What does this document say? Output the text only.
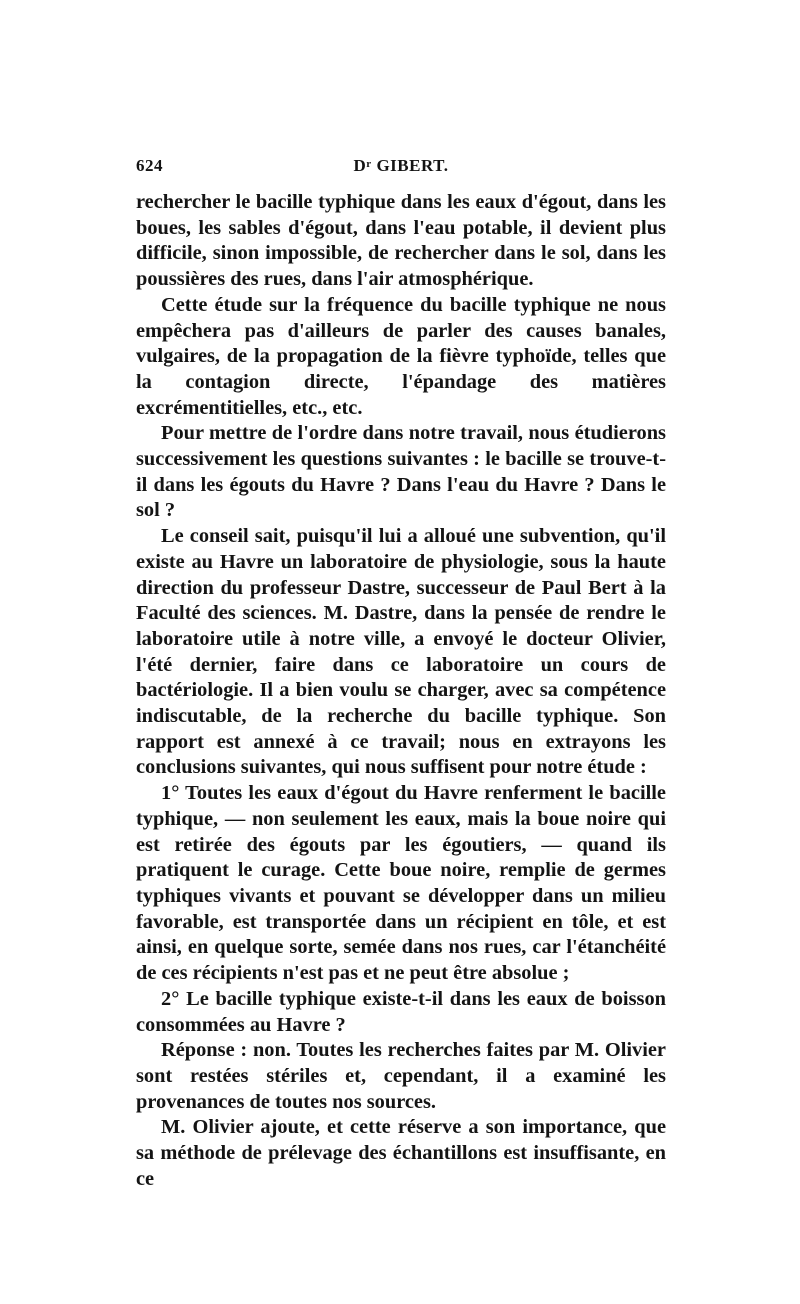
624	$D^r$ GIBERT.

rechercher le bacille typhique dans les eaux d'égout, dans les boues, les sables d'égout, dans l'eau potable, il devient plus difficile, sinon impossible, de rechercher dans le sol, dans les poussières des rues, dans l'air atmosphérique.

Cette étude sur la fréquence du bacille typhique ne nous empêchera pas d'ailleurs de parler des causes banales, vulgaires, de la propagation de la fièvre typhoïde, telles que la contagion directe, l'épandage des matières excrémentitielles, etc., etc.

Pour mettre de l'ordre dans notre travail, nous étudierons successivement les questions suivantes : le bacille se trouve-t-il dans les égouts du Havre ? Dans l'eau du Havre ? Dans le sol ?

Le conseil sait, puisqu'il lui a alloué une subvention, qu'il existe au Havre un laboratoire de physiologie, sous la haute direction du professeur Dastre, successeur de Paul Bert à la Faculté des sciences. M. Dastre, dans la pensée de rendre le laboratoire utile à notre ville, a envoyé le docteur Olivier, l'été dernier, faire dans ce laboratoire un cours de bactériologie. Il a bien voulu se charger, avec sa compétence indiscutable, de la recherche du bacille typhique. Son rapport est annexé à ce travail; nous en extrayons les conclusions suivantes, qui nous suffisent pour notre étude :

1° Toutes les eaux d'égout du Havre renferment le bacille typhique, — non seulement les eaux, mais la boue noire qui est retirée des égouts par les égoutiers, — quand ils pratiquent le curage. Cette boue noire, remplie de germes typhiques vivants et pouvant se développer dans un milieu favorable, est transportée dans un récipient en tôle, et est ainsi, en quelque sorte, semée dans nos rues, car l'étanchéité de ces récipients n'est pas et ne peut être absolue ;

2° Le bacille typhique existe-t-il dans les eaux de boisson consommées au Havre ?

Réponse : non. Toutes les recherches faites par M. Olivier sont restées stériles et, cependant, il a examiné les provenances de toutes nos sources.

M. Olivier ajoute, et cette réserve a son importance, que sa méthode de prélevage des échantillons est insuffisante, en ce
